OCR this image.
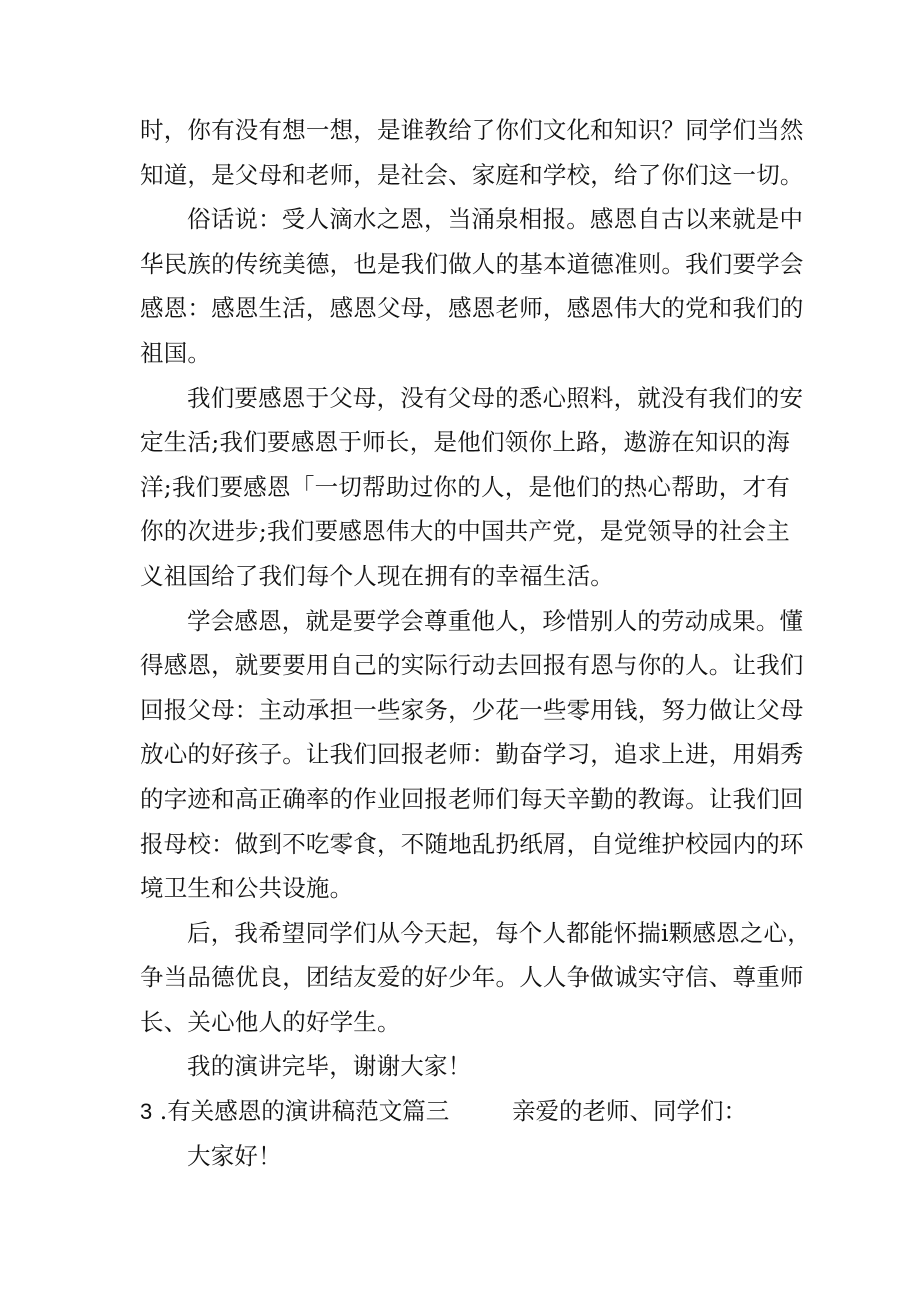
时，你有没有想一想，是谁教给了你们文化和知识？同学们当然
知道，是父母和老师，是社会、家庭和学校，给了你们这一切。
俗话说：受人滴水之恩，当涌泉相报。感恩自古以来就是中
华民族的传统美德，也是我们做人的基本道德准则。我们要学会
感恩：感恩生活，感恩父母，感恩老师，感恩伟大的党和我们的
祖国。
我们要感恩于父母，没有父母的悉心照料，就没有我们的安
定生活;我们要感恩于师长，是他们领你上路，遨游在知识的海
洋;我们要感恩「一切帮助过你的人，是他们的热心帮助，才有
你的次进步;我们要感恩伟大的中国共产党，是党领导的社会主
义祖国给了我们每个人现在拥有的幸福生活。
学会感恩，就是要学会尊重他人，珍惜别人的劳动成果。懂
得感恩，就要要用自己的实际行动去回报有恩与你的人。让我们
回报父母：主动承担一些家务，少花一些零用钱，努力做让父母
放心的好孩子。让我们回报老师：勤奋学习，追求上进，用娟秀
的字迹和高正确率的作业回报老师们每天辛勤的教诲。让我们回
报母校：做到不吃零食，不随地乱扔纸屑，自觉维护校园内的环
境卫生和公共设施。
后，我希望同学们从今天起，每个人都能怀揣i颗感恩之心，
争当品德优良，团结友爱的好少年。人人争做诚实守信、尊重师
长、关心他人的好学生。
我的演讲完毕，谢谢大家！
3 .有关感恩的演讲稿范文篇三	亲爱的老师、同学们：
大家好！
